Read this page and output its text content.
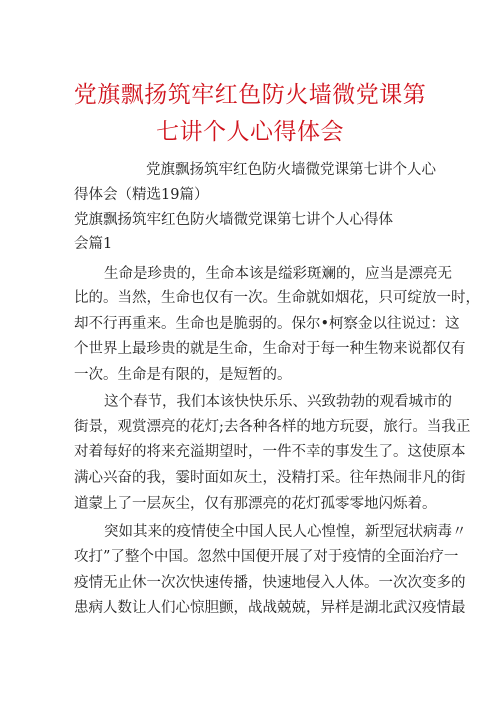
党旗飘扬筑牢红色防火墙微党课第
七讲个人心得体会
党旗飘扬筑牢红色防火墙微党课第七讲个人心
得体会（精选19篇）
党旗飘扬筑牢红色防火墙微党课第七讲个人心得体
会篇1
生命是珍贵的，生命本该是缢彩斑斓的，应当是漂亮无
比的。当然，生命也仅有一次。生命就如烟花，只可绽放一时，
却不行再重来。生命也是脆弱的。保尔•柯察金以往说过：这
个世界上最珍贵的就是生命，生命对于每一种生物来说都仅有
一次。生命是有限的，是短暂的。
这个春节，我们本该快快乐乐、兴致勃勃的观看城市的
街景，观赏漂亮的花灯;去各种各样的地方玩耍，旅行。当我正
对着每好的将来充溢期望时，一件不幸的事发生了。这使原本
满心兴奋的我，霎时面如灰土，没精打采。往年热闹非凡的街
道蒙上了一层灰尘，仅有那漂亮的花灯孤零零地闪烁着。
突如其来的疫情使全中国人民人心惶惶，新型冠状病毒〃
攻打”了整个中国。忽然中国便开展了对于疫情的全面治疗一
疫情无止休一次次快速传播，快速地侵入人体。一次次变多的
患病人数让人们心惊胆颤，战战兢兢，异样是湖北武汉疫情最
